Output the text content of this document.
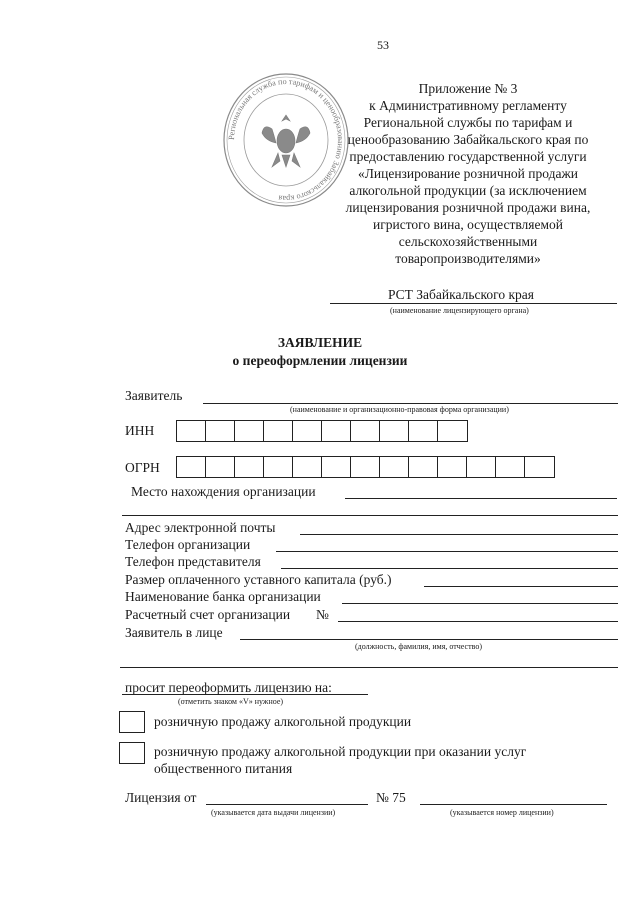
53
Региональная служба по тарифам и ценообразованию Забайкальского края

Приложение № 3

к Административному регламенту

Региональной службы по тарифам и

ценообразованию Забайкальского края по

предоставлению государственной услуги

«Лицензирование розничной продажи

алкогольной продукции (за исключением

лицензирования розничной продажи вина,

игристого вина, осуществляемой

сельскохозяйственными

товаропроизводителями»

РСТ Забайкальского края
(наименование лицензирующего органа)
ЗАЯВЛЕНИЕ
о переоформлении лицензии
Заявитель
(наименование и организационно-правовая форма организации)
ИНН
ОГРН
Место нахождения организации
Адрес электронной почты
Телефон организации
Телефон представителя
Размер оплаченного уставного капитала (руб.)
Наименование банка организации
Расчетный счет организации №
Заявитель в лице
(должность, фамилия, имя, отчество)
просит переоформить лицензию на:
(отметить знаком «V» нужное)
розничную продажу алкогольной продукции
розничную продажу алкогольной продукции при оказании услуг
общественного питания
Лицензия от	№ 75
(указывается дата выдачи лицензии)	(указывается номер лицензии)
